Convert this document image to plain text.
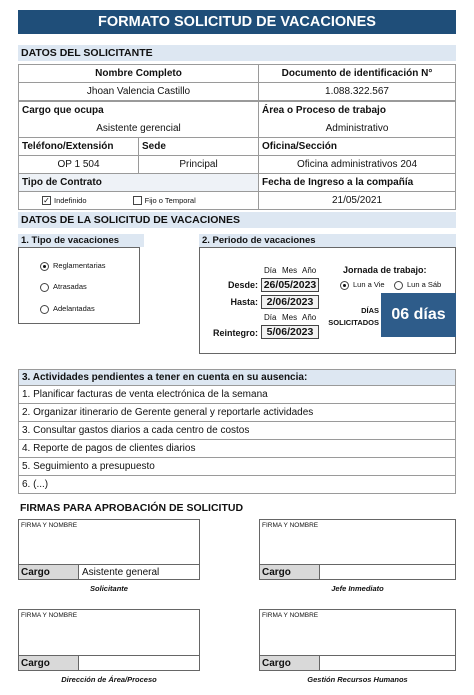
FORMATO SOLICITUD DE VACACIONES
DATOS DEL SOLICITANTE
Nombre Completo	Documento de identificación N°
Jhoan Valencia Castillo	1.088.322.567
Cargo que ocupa	Área o Proceso de trabajo
Asistente gerencial	Administrativo
Teléfono/Extensión	Sede	Oficina/Sección
OP 1 504	Principal	Oficina administrativos 204
Tipo de Contrato	Fecha de Ingreso a la compañía
✓ Indefinido Fijo o Temporal	21/05/2021
DATOS DE LA SOLICITUD DE VACACIONES
1. Tipo de vacaciones
Reglamentarias
Atrasadas
Adelantadas
2. Periodo de vacaciones
Día Mes Año
Desde: 26/05/2023
Hasta: 2/06/2023
Día Mes Año
Reintegro: 5/06/2023
Jornada de trabajo:
Lun a Vie	Lun a Sáb
DÍAS
SOLICITADOS 06 días
3. Actividades pendientes a tener en cuenta en su ausencia:
1. Planificar facturas de venta electrónica de la semana
2. Organizar itinerario de Gerente general y reportarle actividades
3. Consultar gastos diarios a cada centro de costos
4. Reporte de pagos de clientes diarios
5. Seguimiento a presupuesto
6. (...)
FIRMAS PARA APROBACIÓN DE SOLICITUD
FIRMA Y NOMBRE
Cargo	Asistente general
Solicitante
FIRMA Y NOMBRE
Cargo
Jefe Inmediato
FIRMA Y NOMBRE
Cargo
Dirección de Área/Proceso
FIRMA Y NOMBRE
Cargo
Gestión Recursos Humanos
